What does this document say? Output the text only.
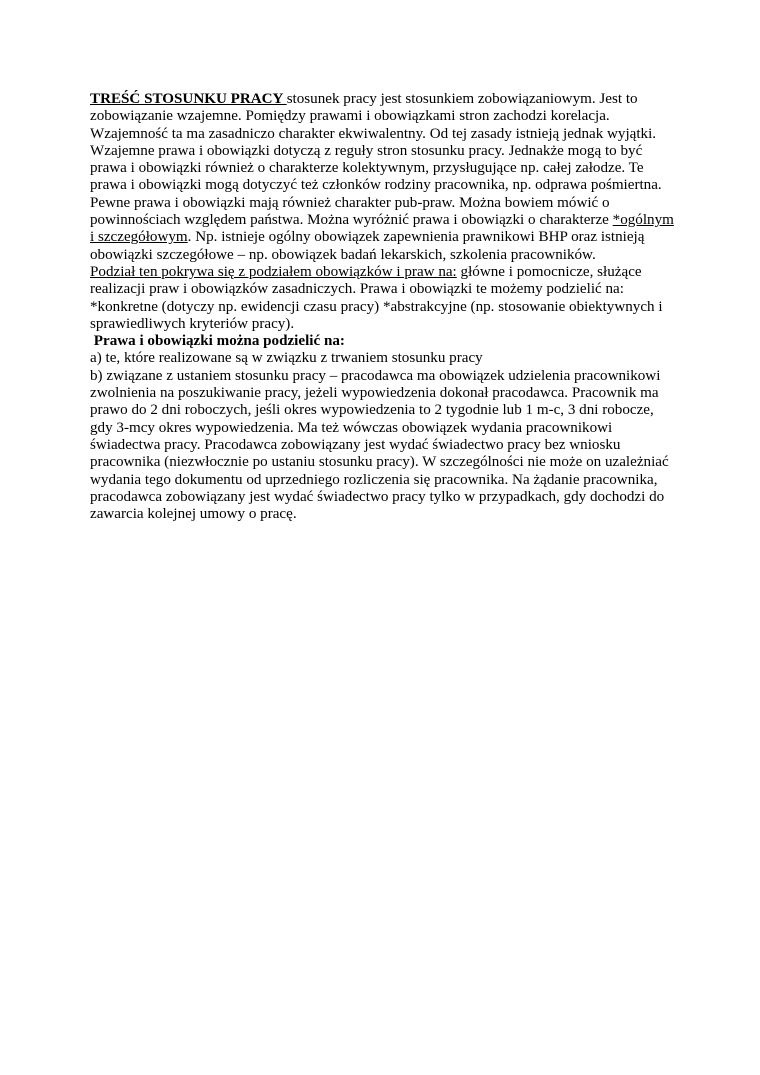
TREŚĆ STOSUNKU PRACY stosunek pracy jest stosunkiem zobowiązaniowym. Jest to zobowiązanie wzajemne. Pomiędzy prawami i obowiązkami stron zachodzi korelacja. Wzajemność ta ma zasadniczo charakter ekwiwalentny. Od tej zasady istnieją jednak wyjątki. Wzajemne prawa i obowiązki dotyczą z reguły stron stosunku pracy. Jednakże mogą to być prawa i obowiązki również o charakterze kolektywnym, przysługujące np. całej załodze. Te prawa i obowiązki mogą dotyczyć też członków rodziny pracownika, np. odprawa pośmiertna. Pewne prawa i obowiązki mają również charakter pub-praw. Można bowiem mówić o powinnościach względem państwa. Można wyróżnić prawa i obowiązki o charakterze *ogólnym i szczegółowym. Np. istnieje ogólny obowiązek zapewnienia prawnikowi BHP oraz istnieją obowiązki szczegółowe – np. obowiązek badań lekarskich, szkolenia pracowników.

Podział ten pokrywa się z podziałem obowiązków i praw na: główne i pomocnicze, służące realizacji praw i obowiązków zasadniczych. Prawa i obowiązki te możemy podzielić na: *konkretne (dotyczy np. ewidencji czasu pracy) *abstrakcyjne (np. stosowanie obiektywnych i sprawiedliwych kryteriów pracy).

Prawa i obowiązki można podzielić na:

a) te, które realizowane są w związku z trwaniem stosunku pracy

b) związane z ustaniem stosunku pracy – pracodawca ma obowiązek udzielenia pracownikowi zwolnienia na poszukiwanie pracy, jeżeli wypowiedzenia dokonał pracodawca. Pracownik ma prawo do 2 dni roboczych, jeśli okres wypowiedzenia to 2 tygodnie lub 1 m-c, 3 dni robocze, gdy 3-mcy okres wypowiedzenia. Ma też wówczas obowiązek wydania pracownikowi świadectwa pracy. Pracodawca zobowiązany jest wydać świadectwo pracy bez wniosku pracownika (niezwłocznie po ustaniu stosunku pracy). W szczególności nie może on uzależniać wydania tego dokumentu od uprzedniego rozliczenia się pracownika. Na żądanie pracownika, pracodawca zobowiązany jest wydać świadectwo pracy tylko w przypadkach, gdy dochodzi do zawarcia kolejnej umowy o pracę.
